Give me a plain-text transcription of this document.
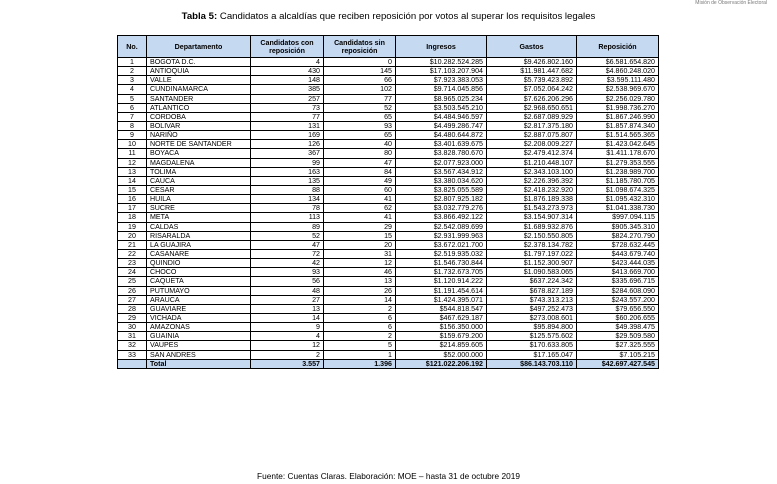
Misión de Observación Electoral
Tabla 5: Candidatos a alcaldías que reciben reposición por votos al superar los requisitos legales
No.	Departamento	Candidatos con reposición	Candidatos sin reposición	Ingresos	Gastos	Reposición
1	BOGOTA D.C.	4	0	$10.282.524.285	$9.426.802.160	$6.581.654.820
2	ANTIOQUIA	430	145	$17.103.207.904	$11.981.447.682	$4.860.248.020
3	VALLE	148	66	$7.923.383.053	$5.739.423.892	$3.595.111.480
4	CUNDINAMARCA	385	102	$9.714.045.856	$7.052.064.242	$2.538.969.670
5	SANTANDER	257	77	$8.965.025.234	$7.626.206.296	$2.256.029.780
6	ATLANTICO	73	52	$3.503.545.210	$2.968.650.651	$1.998.736.270
7	CORDOBA	77	65	$4.484.946.597	$2.687.089.929	$1.867.246.990
8	BOLIVAR	131	93	$4.499.286.747	$2.817.375.180	$1.857.874.340
9	NARIÑO	169	65	$4.480.644.872	$2.887.075.807	$1.514.565.365
10	NORTE DE SANTANDER	126	40	$3.401.639.675	$2.208.009.227	$1.423.042.645
11	BOYACA	367	80	$3.828.780.670	$2.479.412.374	$1.411.178.670
12	MAGDALENA	99	47	$2.077.923.000	$1.210.448.107	$1.279.353.555
13	TOLIMA	163	84	$3.567.434.912	$2.343.103.100	$1.238.989.700
14	CAUCA	135	49	$3.380.034.620	$2.226.396.392	$1.185.780.705
15	CESAR	88	60	$3.825.055.589	$2.418.232.920	$1.098.674.325
16	HUILA	134	41	$2.807.925.182	$1.876.189.338	$1.095.432.310
17	SUCRE	78	62	$3.032.779.276	$1.543.273.973	$1.041.338.730
18	META	113	41	$3.866.492.122	$3.154.907.314	$997.094.115
19	CALDAS	89	29	$2.542.089.699	$1.689.932.876	$905.345.310
20	RISARALDA	52	15	$2.931.999.963	$2.150.550.805	$824.270.790
21	LA GUAJIRA	47	20	$3.672.021.700	$2.378.134.782	$728.632.445
22	CASANARE	72	31	$2.519.935.032	$1.797.197.022	$443.679.740
23	QUINDIO	42	12	$1.546.730.844	$1.152.300.907	$423.444.035
24	CHOCO	93	46	$1.732.673.705	$1.090.583.065	$413.669.700
25	CAQUETA	56	13	$1.120.914.222	$637.224.342	$335.696.715
26	PUTUMAYO	48	26	$1.191.454.614	$678.827.189	$284.608.090
27	ARAUCA	27	14	$1.424.395.071	$743.313.213	$243.557.200
28	GUAVIARE	13	2	$544.818.547	$497.252.473	$79.656.550
29	VICHADA	14	6	$467.629.187	$273.008.601	$60.206.655
30	AMAZONAS	9	6	$156.350.000	$95.894.800	$49.398.475
31	GUAINIA	4	2	$159.679.200	$125.575.602	$29.509.580
32	VAUPES	12	5	$214.859.605	$170.633.805	$27.325.555
33	SAN ANDRES	2	1	$52.000.000	$17.165.047	$7.105.215
	Total	3.557	1.396	$121.022.206.192	$86.143.703.110	$42.697.427.545
Fuente: Cuentas Claras. Elaboración: MOE – hasta 31 de octubre 2019
